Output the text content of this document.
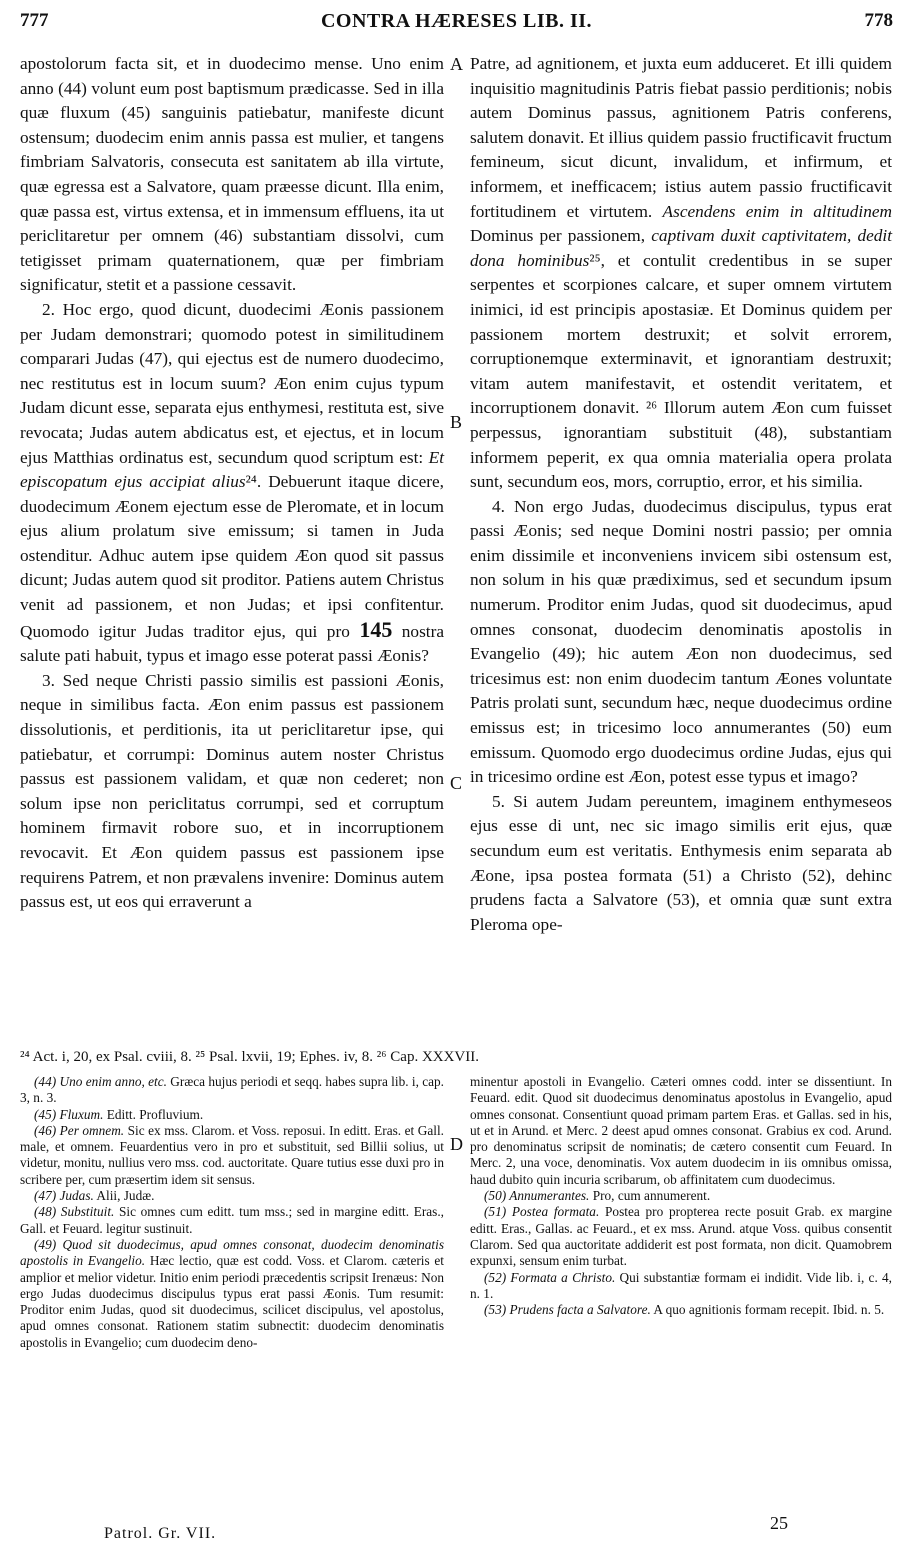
777	CONTRA HÆRESES LIB. II.	778
A
B
C
D

apostolorum facta sit, et in duodecimo mense. Uno enim anno (44) volunt eum post baptismum prædicasse. Sed in illa quæ fluxum (45) sanguinis patiebatur, manifeste dicunt ostensum; duodecim enim annis passa est mulier, et tangens fimbriam Salvatoris, consecuta est sanitatem ab illa virtute, quæ egressa est a Salvatore, quam præesse dicunt. Illa enim, quæ passa est, virtus extensa, et in immensum effluens, ita ut periclitaretur per omnem (46) substantiam dissolvi, cum tetigisset primam quaternationem, quæ per fimbriam significatur, stetit et a passione cessavit.

2. Hoc ergo, quod dicunt, duodecimi Æonis passionem per Judam demonstrari; quomodo potest in similitudinem comparari Judas (47), qui ejectus est de numero duodecimo, nec restitutus est in locum suum? Æon enim cujus typum Judam dicunt esse, separata ejus enthymesi, restituta est, sive revocata; Judas autem abdicatus est, et ejectus, et in locum ejus Matthias ordinatus est, secundum quod scriptum est: Et episcopatum ejus accipiat alius²⁴. Debuerunt itaque dicere, duodecimum Æonem ejectum esse de Pleromate, et in locum ejus alium prolatum sive emissum; si tamen in Juda ostenditur. Adhuc autem ipse quidem Æon quod sit passus dicunt; Judas autem quod sit proditor. Patiens autem Christus venit ad passionem, et non Judas; et ipsi confitentur. Quomodo igitur Judas traditor ejus, qui pro 145 nostra salute pati habuit, typus et imago esse poterat passi Æonis?

3. Sed neque Christi passio similis est passioni Æonis, neque in similibus facta. Æon enim passus est passionem dissolutionis, et perditionis, ita ut periclitaretur ipse, qui patiebatur, et corrumpi: Dominus autem noster Christus passus est passionem validam, et quæ non cederet; non solum ipse non periclitatus corrumpi, sed et corruptum hominem firmavit robore suo, et in incorruptionem revocavit. Et Æon quidem passus est passionem ipse requirens Patrem, et non prævalens invenire: Dominus autem passus est, ut eos qui erraverunt a

Patre, ad agnitionem, et juxta eum adduceret. Et illi quidem inquisitio magnitudinis Patris fiebat passio perditionis; nobis autem Dominus passus, agnitionem Patris conferens, salutem donavit. Et illius quidem passio fructificavit fructum femineum, sicut dicunt, invalidum, et infirmum, et informem, et inefficacem; istius autem passio fructificavit fortitudinem et virtutem. Ascendens enim in altitudinem Dominus per passionem, captivam duxit captivitatem, dedit dona hominibus²⁵, et contulit credentibus in se super serpentes et scorpiones calcare, et super omnem virtutem inimici, id est principis apostasiæ. Et Dominus quidem per passionem mortem destruxit; et solvit errorem, corruptionemque exterminavit, et ignorantiam destruxit; vitam autem manifestavit, et ostendit veritatem, et incorruptionem donavit. ²⁶ Illorum autem Æon cum fuisset perpessus, ignorantiam substituit (48), substantiam informem peperit, ex qua omnia materialia opera prolata sunt, secundum eos, mors, corruptio, error, et his similia.

4. Non ergo Judas, duodecimus discipulus, typus erat passi Æonis; sed neque Domini nostri passio; per omnia enim dissimile et inconveniens invicem sibi ostensum est, non solum in his quæ prædiximus, sed et secundum ipsum numerum. Proditor enim Judas, quod sit duodecimus, apud omnes consonat, duodecim denominatis apostolis in Evangelio (49); hic autem Æon non duodecimus, sed tricesimus est: non enim duodecim tantum Æones voluntate Patris prolati sunt, secundum hæc, neque duodecimus ordine emissus est; in tricesimo loco annumerantes (50) eum emissum. Quomodo ergo duodecimus ordine Judas, ejus qui in tricesimo ordine est Æon, potest esse typus et imago?

5. Si autem Judam pereuntem, imaginem enthymeseos ejus esse di unt, nec sic imago similis erit ejus, quæ secundum eum est veritatis. Enthymesis enim separata ab Æone, ipsa postea formata (51) a Christo (52), dehinc prudens facta a Salvatore (53), et omnia quæ sunt extra Pleroma ope-

²⁴ Act. i, 20, ex Psal. cviii, 8. ²⁵ Psal. lxvii, 19; Ephes. iv, 8. ²⁶ Cap. XXXVII.

(44) Uno enim anno, etc. Græca hujus periodi et seqq. habes supra lib. i, cap. 3, n. 3.

(45) Fluxum. Editt. Profluvium.

(46) Per omnem. Sic ex mss. Clarom. et Voss. reposui. In editt. Eras. et Gall. male, et omnem. Feuardentius vero in pro et substituit, sed Billii solius, ut videtur, monitu, nullius vero mss. cod. auctoritate. Quare tutius esse duxi pro in scribere per, cum præsertim idem sit sensus.

(47) Judas. Alii, Judæ.

(48) Substituit. Sic omnes cum editt. tum mss.; sed in margine editt. Eras., Gall. et Feuard. legitur sustinuit.

(49) Quod sit duodecimus, apud omnes consonat, duodecim denominatis apostolis in Evangelio. Hæc lectio, quæ est codd. Voss. et Clarom. cæteris et amplior et melior videtur. Initio enim periodi præcedentis scripsit Irenæus: Non ergo Judas duodecimus discipulus typus erat passi Æonis. Tum resumit: Proditor enim Judas, quod sit duodecimus, scilicet discipulus, vel apostolus, apud omnes consonat. Rationem statim subnectit: duodecim denominatis apostolis in Evangelio; cum duodecim deno-

minentur apostoli in Evangelio. Cæteri omnes codd. inter se dissentiunt. In Feuard. edit. Quod sit duodecimus denominatus apostolus in Evangelio, apud omnes consonat. Consentiunt quoad primam partem Eras. et Gallas. sed in his, ut et in Arund. et Merc. 2 deest apud omnes consonat. Grabius ex cod. Arund. pro denominatus scripsit de nominatis; de cætero consentit cum Feuard. In Merc. 2, una voce, denominatis. Vox autem duodecim in iis omnibus omissa, haud dubito quin incuria scribarum, ob affinitatem cum duodecimus.

(50) Annumerantes. Pro, cum annumerent.

(51) Postea formata. Postea pro propterea recte posuit Grab. ex margine editt. Eras., Gallas. ac Feuard., et ex mss. Arund. atque Voss. quibus consentit Clarom. Sed qua auctoritate addiderit est post formata, non dicit. Quamobrem expunxi, sensum enim turbat.

(52) Formata a Christo. Qui substantiæ formam ei indidit. Vide lib. i, c. 4, n. 1.

(53) Prudens facta a Salvatore. A quo agnitionis formam recepit. Ibid. n. 5.

Patrol. Gr. VII.
25
